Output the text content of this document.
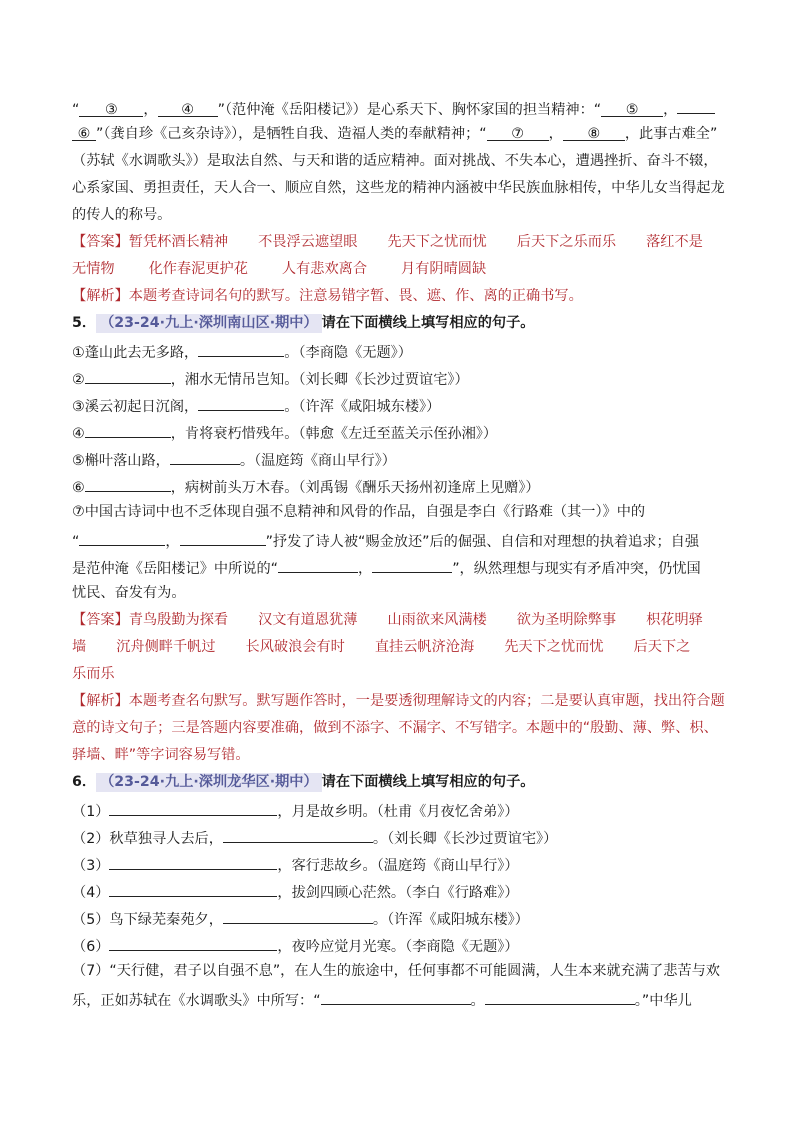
“ ③ ， ④ ”（范仲淹《岳阳楼记》）是心系天下、胸怀家国的担当精神：“ ⑤ ，
⑥ ”（龚自珍《己亥杂诗》），是牺牲自我、造福人类的奉献精神；“ ⑦ ， ⑧ ，此事古难全”
（苏轼《水调歌头》）是取法自然、与天和谐的适应精神。面对挑战、不失本心，遭遇挫折、奋斗不辍，
心系家国、勇担责任，天人合一、顺应自然，这些龙的精神内涵被中华民族血脉相传，中华儿女当得起龙
的传人的称号。
【答案】暂凭杯酒长精神 不畏浮云遮望眼 先天下之忧而忧 后天下之乐而乐 落红不是
无情物 化作春泥更护花 人有悲欢离合 月有阴晴圆缺
【解析】本题考查诗词名句的默写。注意易错字暂、畏、遮、作、离的正确书写。
5． （23-24·九上·深圳南山区·期中） 请在下面横线上填写相应的句子。
①蓬山此去无多路，	。（李商隐《无题》）
②	，湘水无情吊岂知。（刘长卿《长沙过贾谊宅》）
③溪云初起日沉阁，	。（许浑《咸阳城东楼》）
④	，肯将衰朽惜残年。（韩愈《左迁至蓝关示侄孙湘》）
⑤槲叶落山路，	。（温庭筠《商山早行》）
⑥	，病树前头万木春。（刘禹锡《酬乐天扬州初逢席上见赠》）
⑦中国古诗词中也不乏体现自强不息精神和风骨的作品，自强是李白《行路难（其一）》中的
“	，	”抒发了诗人被“赐金放还”后的倔强、自信和对理想的执着追求；自强
是范仲淹《岳阳楼记》中所说的“	，	”，纵然理想与现实有矛盾冲突，仍忧国
忧民、奋发有为。
【答案】青鸟殷勤为探看 汉文有道恩犹薄 山雨欲来风满楼 欲为圣明除弊事 枳花明驿
墙 沉舟侧畔千帆过 长风破浪会有时 直挂云帆济沧海 先天下之忧而忧 后天下之
乐而乐
【解析】本题考查名句默写。默写题作答时，一是要透彻理解诗文的内容；二是要认真审题，找出符合题
意的诗文句子；三是答题内容要准确，做到不添字、不漏字、不写错字。本题中的“殷勤、薄、弊、枳、
驿墙、畔”等字词容易写错。
6． （23-24·九上·深圳龙华区·期中） 请在下面横线上填写相应的句子。
（1）	，月是故乡明。（杜甫《月夜忆舍弟》）
（2）秋草独寻人去后，	。（刘长卿《长沙过贾谊宅》）
（3）	，客行悲故乡。（温庭筠《商山早行》）
（4）	，拔剑四顾心茫然。（李白《行路难》）
（5）鸟下绿芜秦苑夕，	。（许浑《咸阳城东楼》）
（6）	，夜吟应觉月光寒。（李商隐《无题》）
（7）“天行健，君子以自强不息”，在人生的旅途中，任何事都不可能圆满，人生本来就充满了悲苦与欢
乐，正如苏轼在《水调歌头》中所写：“	。	。”中华儿
